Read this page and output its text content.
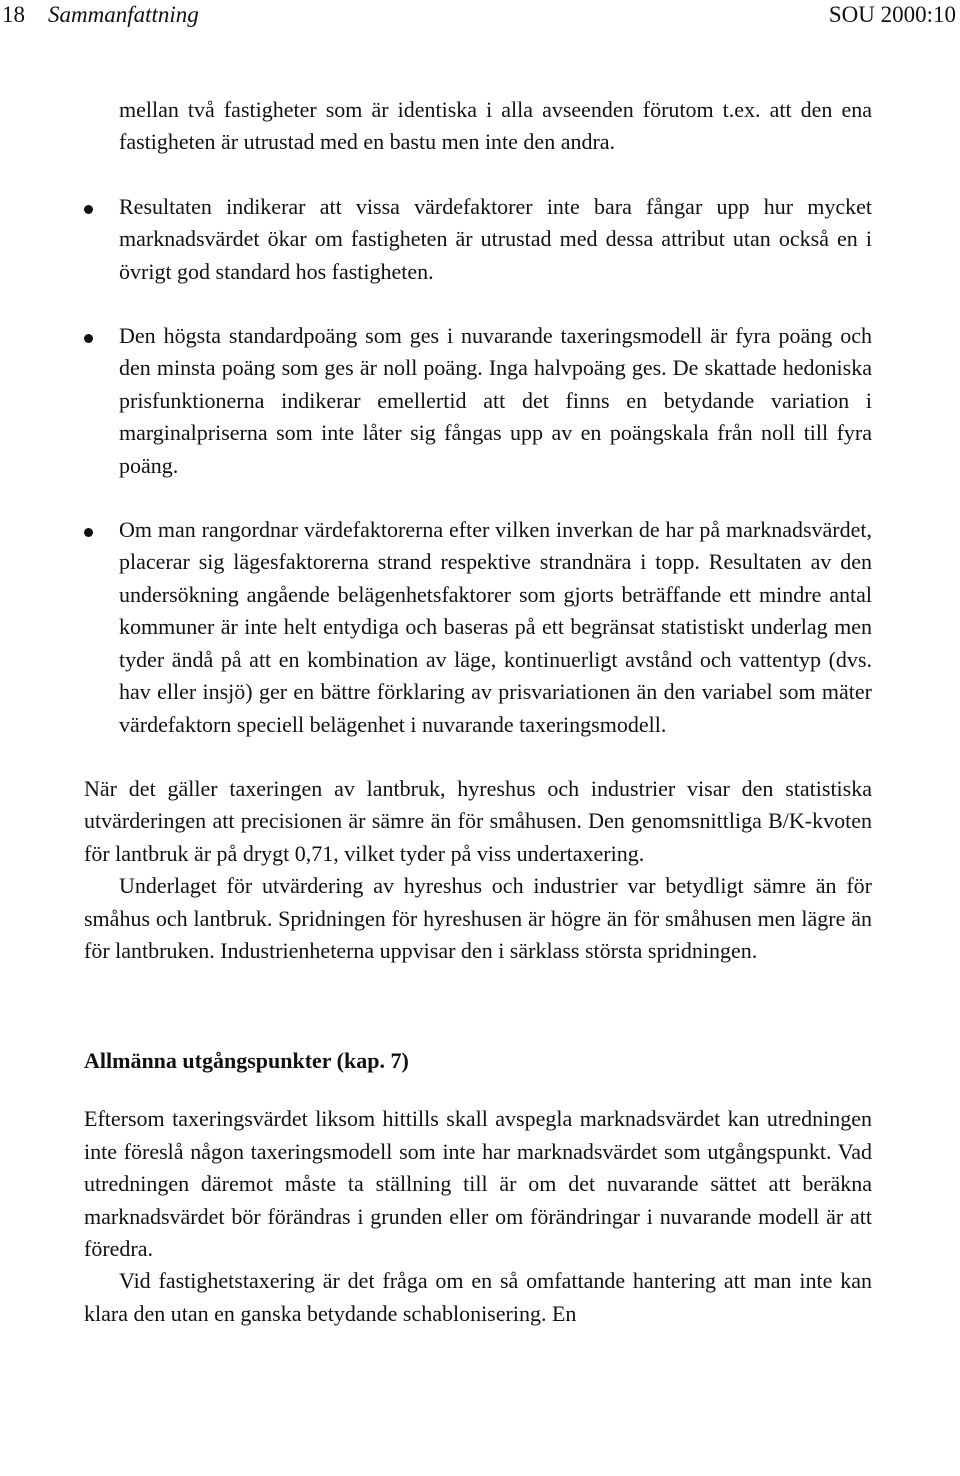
18 Sammanfattning	SOU 2000:10

mellan två fastigheter som är identiska i alla avseenden förutom t.ex. att den ena fastigheten är utrustad med en bastu men inte den andra.

Resultaten indikerar att vissa värdefaktorer inte bara fångar upp hur mycket marknadsvärdet ökar om fastigheten är utrustad med dessa attribut utan också en i övrigt god standard hos fastigheten.
Den högsta standardpoäng som ges i nuvarande taxeringsmodell är fyra poäng och den minsta poäng som ges är noll poäng. Inga halvpoäng ges. De skattade hedoniska prisfunktionerna indikerar emellertid att det finns en betydande variation i marginalpriserna som inte låter sig fångas upp av en poängskala från noll till fyra poäng.
Om man rangordnar värdefaktorerna efter vilken inverkan de har på marknadsvärdet, placerar sig lägesfaktorerna strand respektive strandnära i topp. Resultaten av den undersökning angående belägenhetsfaktorer som gjorts beträffande ett mindre antal kommuner är inte helt entydiga och baseras på ett begränsat statistiskt underlag men tyder ändå på att en kombination av läge, kontinuerligt avstånd och vattentyp (dvs. hav eller insjö) ger en bättre förklaring av prisvariationen än den variabel som mäter värdefaktorn speciell belägenhet i nuvarande taxeringsmodell.

När det gäller taxeringen av lantbruk, hyreshus och industrier visar den statistiska utvärderingen att precisionen är sämre än för småhusen. Den genomsnittliga B/K-kvoten för lantbruk är på drygt 0,71, vilket tyder på viss undertaxering.

Underlaget för utvärdering av hyreshus och industrier var betydligt sämre än för småhus och lantbruk. Spridningen för hyreshusen är högre än för småhusen men lägre än för lantbruken. Industrienheterna uppvisar den i särklass största spridningen.

Allmänna utgångspunkter (kap. 7)

Eftersom taxeringsvärdet liksom hittills skall avspegla marknadsvärdet kan utredningen inte föreslå någon taxeringsmodell som inte har marknadsvärdet som utgångspunkt. Vad utredningen däremot måste ta ställning till är om det nuvarande sättet att beräkna marknadsvärdet bör förändras i grunden eller om förändringar i nuvarande modell är att föredra.

Vid fastighetstaxering är det fråga om en så omfattande hantering att man inte kan klara den utan en ganska betydande schablonisering. En
